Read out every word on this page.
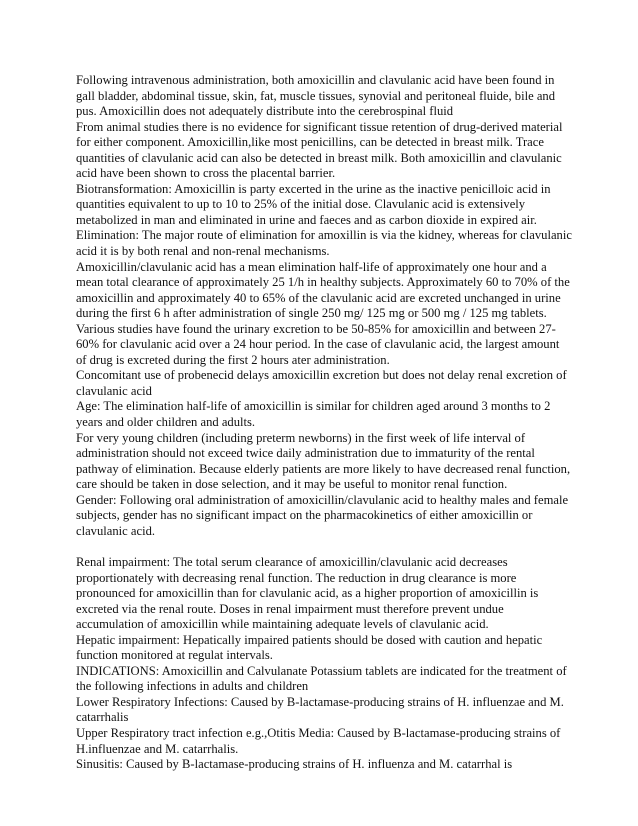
Following intravenous administration, both amoxicillin and clavulanic acid have been found in gall bladder, abdominal tissue, skin, fat, muscle tissues, synovial and peritoneal fluide, bile and pus. Amoxicillin does not adequately distribute into the cerebrospinal fluid

From animal studies there is no evidence for significant tissue retention of drug-derived material for either component. Amoxicillin,like most penicillins, can be detected in breast milk. Trace quantities of clavulanic acid can also be detected in breast milk. Both amoxicillin and clavulanic acid have been shown to cross the placental barrier.

Biotransformation: Amoxicillin is party excerted in the urine as the inactive penicilloic acid in quantities equivalent to up to 10 to 25% of the initial dose. Clavulanic acid is extensively metabolized in man and eliminated in urine and faeces and as carbon dioxide in expired air.

Elimination: The major route of elimination for amoxillin is via the kidney, whereas for clavulanic acid it is by both renal and non-renal mechanisms.

Amoxicillin/clavulanic acid has a mean elimination half-life of approximately one hour and a mean total clearance of approximately 25 1/h in healthy subjects. Approximately 60 to 70% of the amoxicillin and approximately 40 to 65% of the clavulanic acid are excreted unchanged in urine during the first 6 h after administration of single 250 mg/ 125 mg or 500 mg / 125 mg tablets. Various studies have found the urinary excretion to be 50-85% for amoxicillin and between 27-60% for clavulanic acid over a 24 hour period. In the case of clavulanic acid, the largest amount of drug is excreted during the first 2 hours ater administration.

Concomitant use of probenecid delays amoxicillin excretion but does not delay renal excretion of clavulanic acid

Age: The elimination half-life of amoxicillin is similar for children aged around 3 months to 2 years and older children and adults.

For very young children (including preterm newborns) in the first week of life interval of administration should not exceed twice daily administration due to immaturity of the rental pathway of elimination. Because elderly patients are more likely to have decreased renal function, care should be taken in dose selection, and it may be useful to monitor renal function.

Gender: Following oral administration of amoxicillin/clavulanic acid to healthy males and female subjects, gender has no significant impact on the pharmacokinetics of either amoxicillin or clavulanic acid.

Renal impairment: The total serum clearance of amoxicillin/clavulanic acid decreases proportionately with decreasing renal function. The reduction in drug clearance is more pronounced for amoxicillin than for clavulanic acid, as a higher proportion of amoxicillin is excreted via the renal route. Doses in renal impairment must therefore prevent undue accumulation of amoxicillin while maintaining adequate levels of clavulanic acid.

Hepatic impairment: Hepatically impaired patients should be dosed with caution and hepatic function monitored at regulat intervals.

INDICATIONS: Amoxicillin and Calvulanate Potassium tablets are indicated for the treatment of the following infections in adults and children

Lower Respiratory Infections: Caused by B-lactamase-producing strains of H. influenzae and M. catarrhalis

Upper Respiratory tract infection e.g.,Otitis Media: Caused by B-lactamase-producing strains of H.influenzae and M. catarrhalis.

Sinusitis: Caused by B-lactamase-producing strains of H. influenza and M. catarrhal is
